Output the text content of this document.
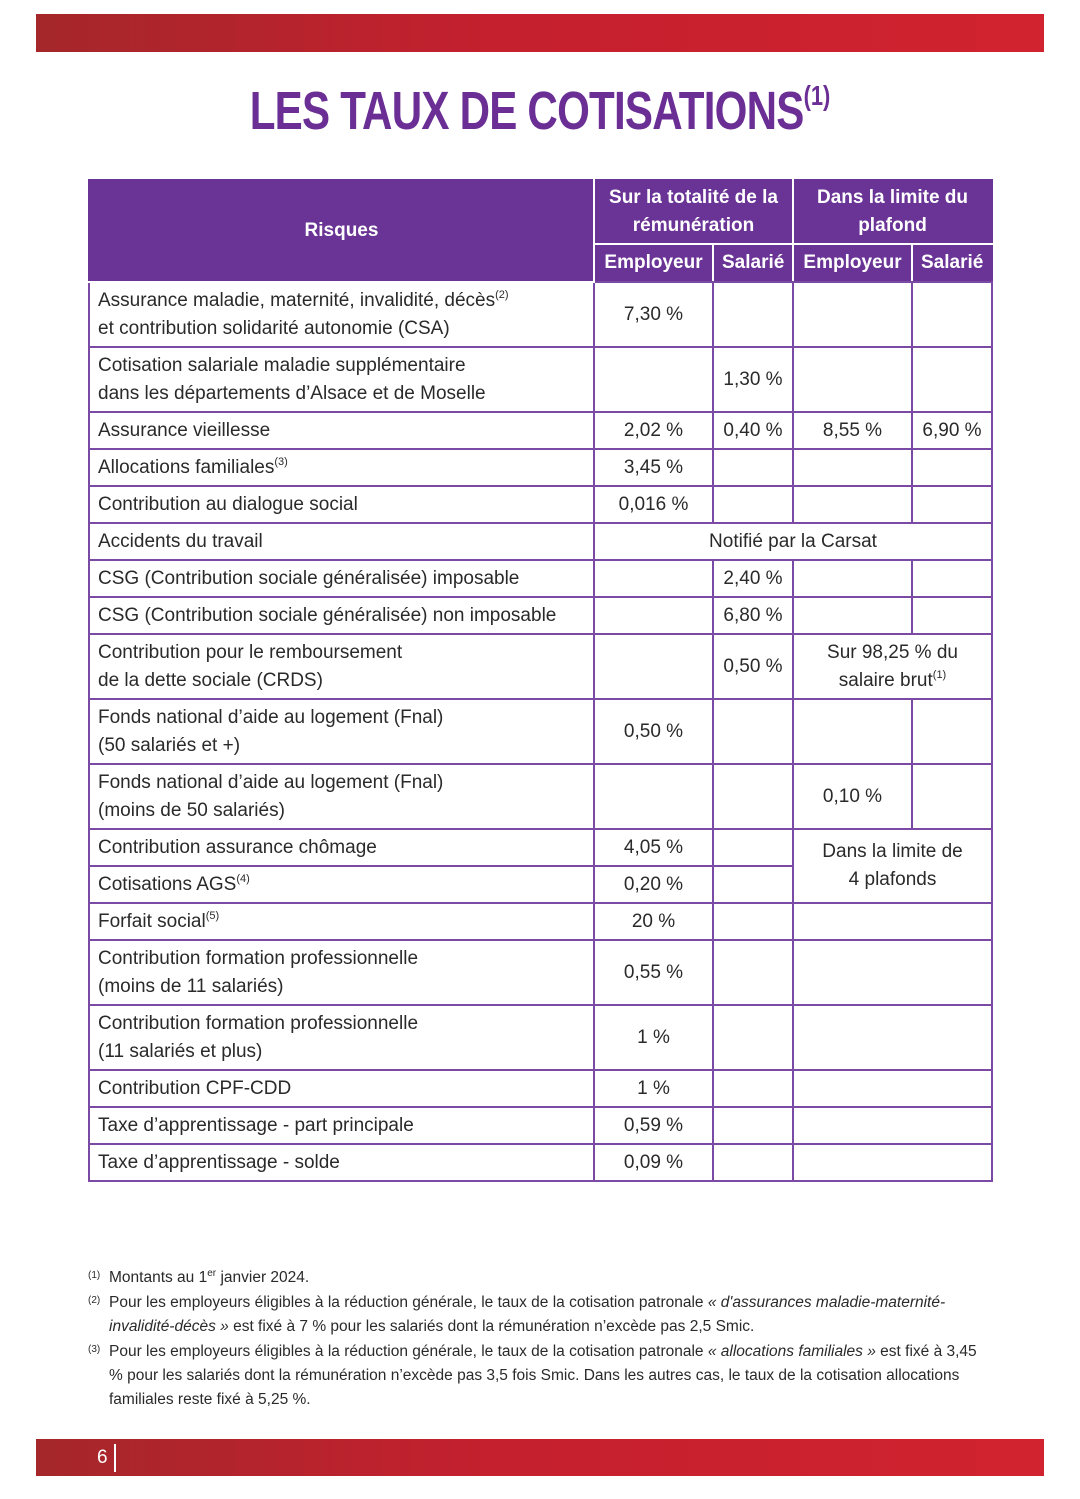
LES TAUX DE COTISATIONS$^{(1)}$
Risques	Sur la totalité de la rémunération		Dans la limite du plafond	
	Employeur	Salarié	Employeur	Salarié
Assurance maladie, maternité, invalidité, décès$^{(2)}$
et contribution solidarité autonomie (CSA)	7,30 %			
Cotisation salariale maladie supplémentaire
dans les départements d’Alsace et de Moselle		1,30 %		
Assurance vieillesse	2,02 %	0,40 %	8,55 %	6,90 %
Allocations familiales$^{(3)}$	3,45 %			
Contribution au dialogue social	0,016 %			
Accidents du travail	Notifié par la Carsat			
CSG (Contribution sociale généralisée) imposable		2,40 %		
CSG (Contribution sociale généralisée) non imposable		6,80 %		
Contribution pour le remboursement
de la dette sociale (CRDS)		0,50 %	Sur 98,25 % du
salaire brut$^{(1)}$
Fonds national d’aide au logement (Fnal)
(50 salariés et +)	0,50 %			
Fonds national d’aide au logement (Fnal)
(moins de 50 salariés)			0,10 %	
Contribution assurance chômage	4,05 %		Dans la limite de
4 plafonds	
Cotisations AGS$^{(4)}$	0,20 %			
Forfait social$^{(5)}$	20 %			
Contribution formation professionnelle
(moins de 11 salariés)	0,55 %			
Contribution formation professionnelle
(11 salariés et plus)	1 %			
Contribution CPF-CDD	1 %			
Taxe d’apprentissage - part principale	0,59 %			
Taxe d’apprentissage - solde	0,09 %			
(1) Montants au 1er janvier 2024.
(2) Pour les employeurs éligibles à la réduction générale, le taux de la cotisation patronale « d'assurances maladie-maternité-invalidité-décès » est fixé à 7 % pour les salariés dont la rémunération n’excède pas 2,5 Smic.
(3) Pour les employeurs éligibles à la réduction générale, le taux de la cotisation patronale « allocations familiales » est fixé à 3,45 % pour les salariés dont la rémunération n’excède pas 3,5 fois Smic. Dans les autres cas, le taux de la cotisation allocations familiales reste fixé à 5,25 %.
6
